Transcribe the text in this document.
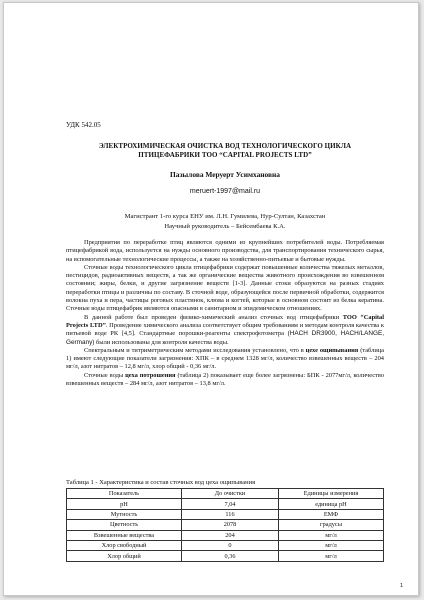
УДК 542.05
ЭЛЕКТРОХИМИЧЕСКАЯ ОЧИСТКА ВОД ТЕХНОЛОГИЧЕСКОГО ЦИКЛА
ПТИЦЕФАБРИКИ ТОО “CAPITAL PROJECTS LTD”
Пазылова Меруерт Усимхановна
meruert-1997@mail.ru
Магистрант 1-го курса ЕНУ им. Л.Н. Гумилева, Нур-Султан, Казахстан
Научный руководитель – Бейсембаева К.А.

Предприятия по переработке птиц являются одними из крупнейших потребителей воды. Потребляемая птицефабрикой вода, используется на нужды основного производства, для транспортирования технического сырья, на вспомогательные технологические процессы, а также на хозяйственно-питьевые и бытовые нужды.

Сточные воды технологического цикла птицефабрики содержат повышенные количества тяжелых металлов, пестицидов, радиоактивных веществ, а так же органические вещества животного происхождения во взвешенном состоянии; жиры, белки, и другие загрязнение веществ [1-3]. Данные стоки образуются на разных стадиях переработки птицы и различны по составу. В сточной воде, образующейся после первичной обработки, содержится волокна пуха и пера, частицы роговых пластинок, клюва и когтей, которые в основном состоит из белка кератина. Сточные воды птицефабрик являются опасными в санитарном и эпидемическом отношениях.

В данной работе был проведен физико-химический анализ сточных вод птицефабрики ТОО “Capital Projects LTD”. Проведение химического анализа соответствует общим требованиям и методам контроля качества к питьевой воде РК [4,5]. Стандартные порошки-реагенты спектрофотометра (HACH DR3900, HACH/LANGE, Germany) были использованы для контроля качества воды.

Спектральным и титриметрическим методами исследования установлено, что в цехе ощипывания (таблица 1) имеют следующие показатели загрязнения: ХПК – в среднем 1328 мг/л, количество взвешенных веществ – 204 мг/л, азот нитратов – 12,8 мг/л, хлор общий - 0,36 мг/л.

Сточные воды цеха потрошения (таблица 2) показывает еще более загрязнены: БПК - 2077мг/л, количество взвешенных веществ – 284 мг/л, азот нитратов – 13,8 мг/л.

Таблица 1 - Характеристика и состав сточных вод цеха ощипывания
Показатель	До очистки	Единицы измерения
pH	7,04	единица рН
Мутность	116	ЕМФ
Цветность	2078	градусы
Взвешенные вещества	204	мг/л
Хлор свободный	0	мг/л
Хлор общий	0,36	мг/л
1
